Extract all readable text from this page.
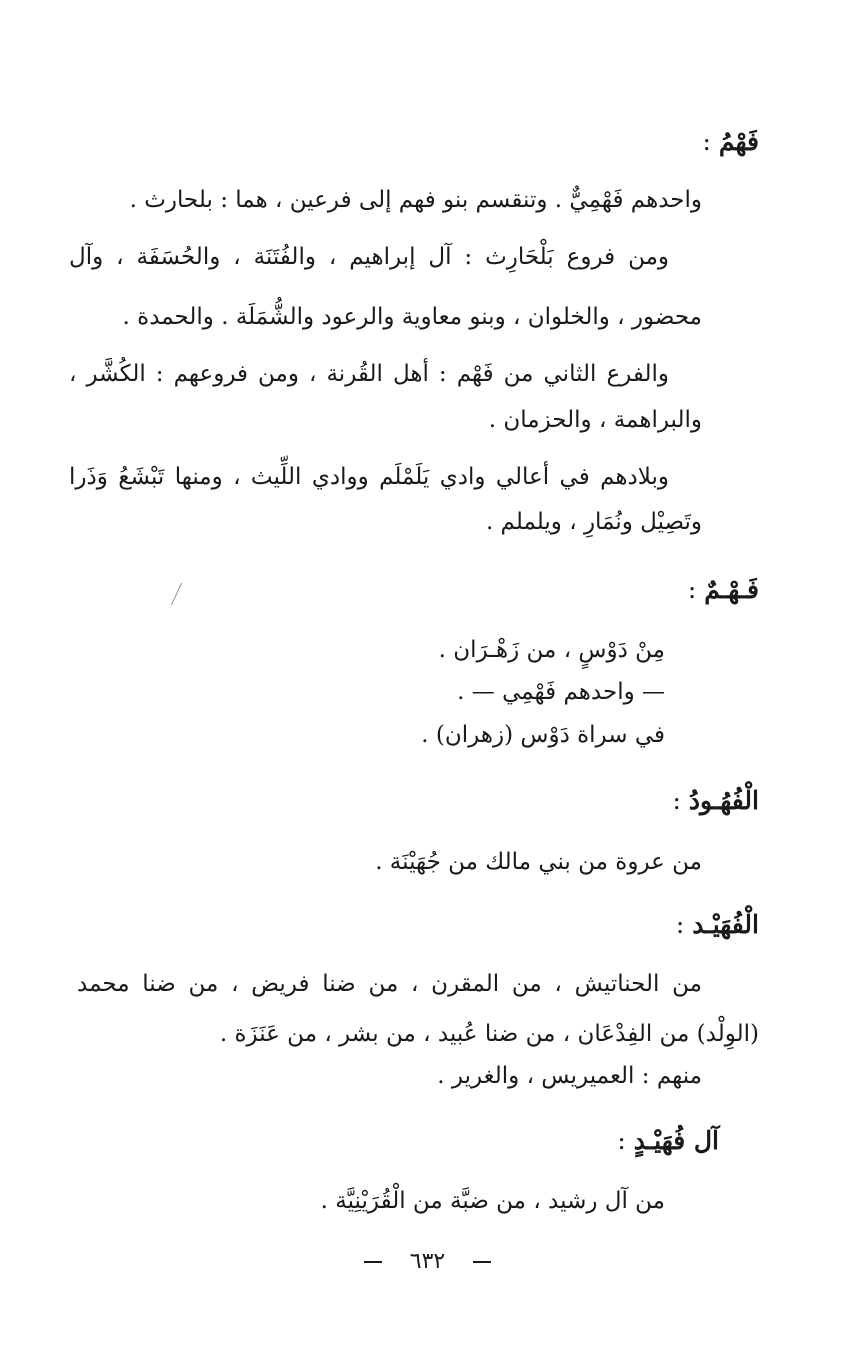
فَهْمُ :
واحدهم فَهْمِيٌّ . وتنقسم بنو فهم إلى فرعين ، هما : بلحارث .
ومن فروع بَلْحَارِث : آل إبراهيم ، والفُتَنَة ، والحُسَفَة ، وآل
محضور ، والخلوان ، وبنو معاوية والرعود والشُّمَلَة . والحمدة .
والفرع الثاني من فَهْم : أهل القُرنة ، ومن فروعهم : الكُشَّر ،
والبراهمة ، والحزمان .
وبلادهم في أعالي وادي يَلَمْلَم ووادي اللِّيث ، ومنها تَبْشَعُ وَذَرا
وتَصِيْل ونُمَارِ ، ويلملم .
فَـهْـمٌ :
مِنْ دَوْسٍ ، من زَهْـرَان .
— واحدهم فَهْمِي — .
في سراة دَوْس (زهران) .
الْفُهُـودُ :
من عروة من بني مالك من جُهَيْنَة .
الْفُهَيْـد :
من الحناتيش ، من المقرن ، من ضنا فريض ، من ضنا محمد
(الوِلْد) من الفِدْعَان ، من ضنا عُبيد ، من بشر ، من عَنَزَة .
منهم : العميريس ، والغرير .
آل فُهَيْـدٍ :
من آل رشيد ، من ضبَّة من الْقُرَيْنِيَّة .
٦٣٢
